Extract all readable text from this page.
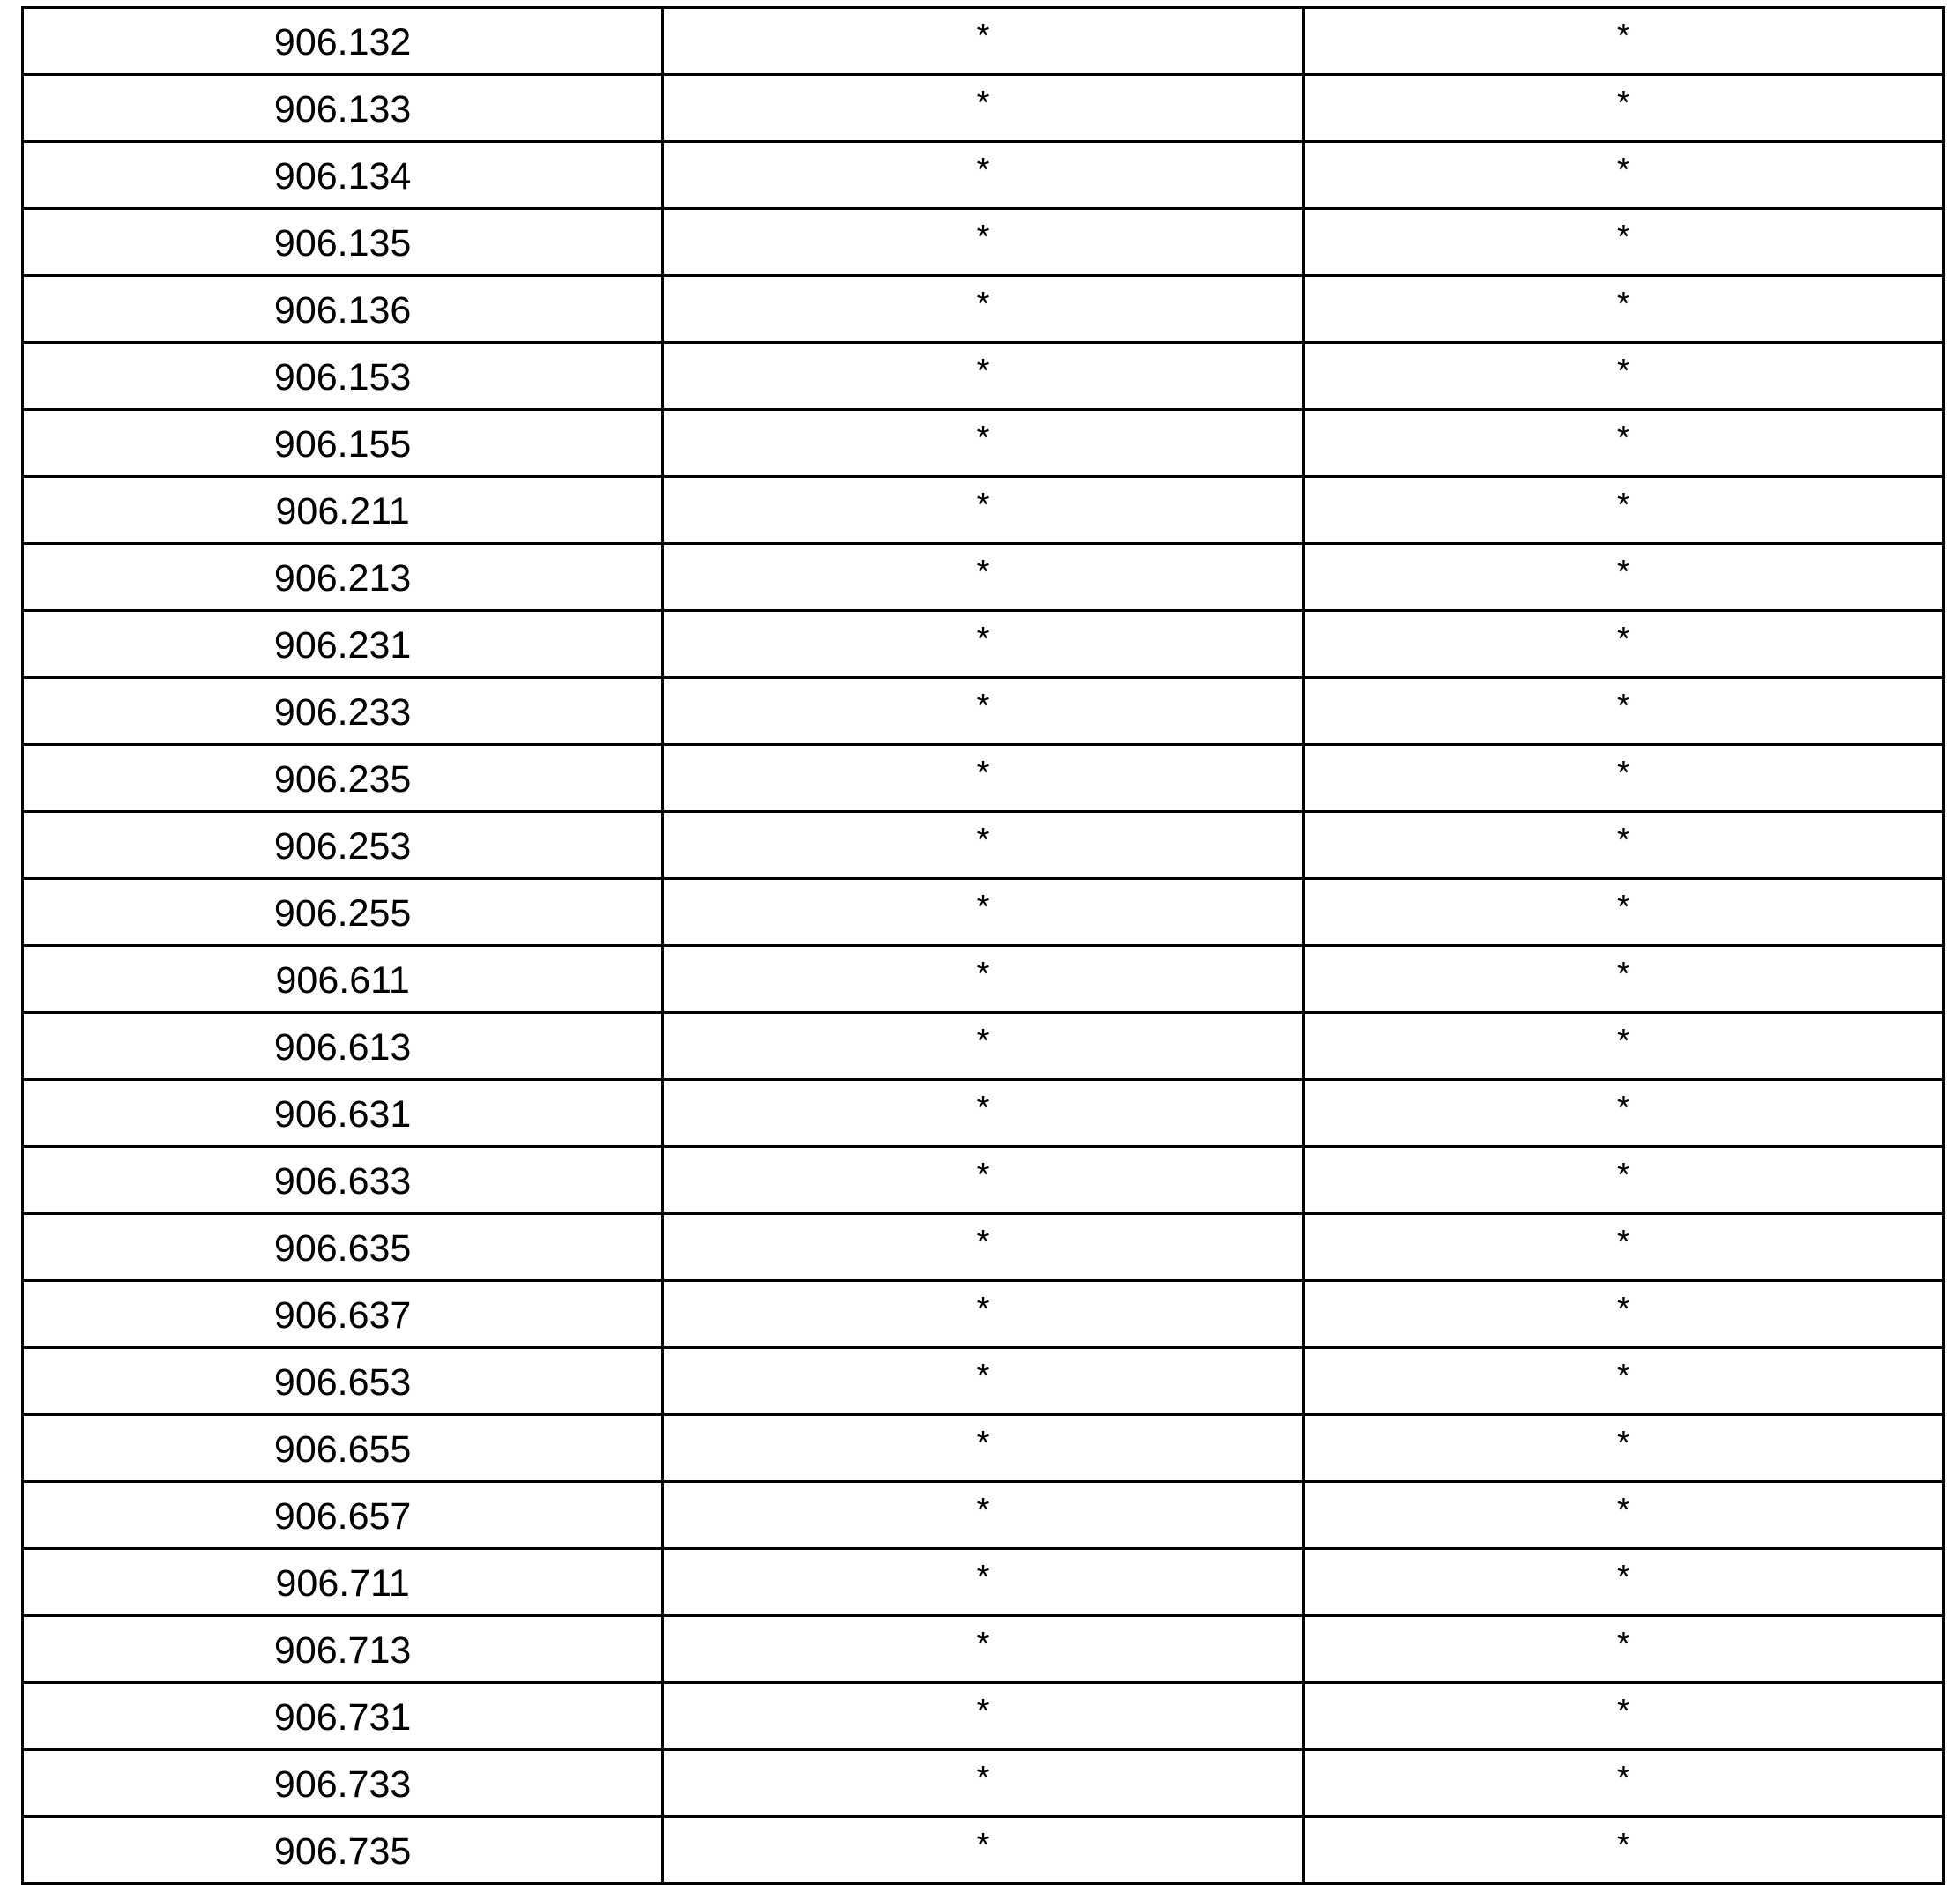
906.132	*	*
906.133	*	*
906.134	*	*
906.135	*	*
906.136	*	*
906.153	*	*
906.155	*	*
906.211	*	*
906.213	*	*
906.231	*	*
906.233	*	*
906.235	*	*
906.253	*	*
906.255	*	*
906.611	*	*
906.613	*	*
906.631	*	*
906.633	*	*
906.635	*	*
906.637	*	*
906.653	*	*
906.655	*	*
906.657	*	*
906.711	*	*
906.713	*	*
906.731	*	*
906.733	*	*
906.735	*	*
